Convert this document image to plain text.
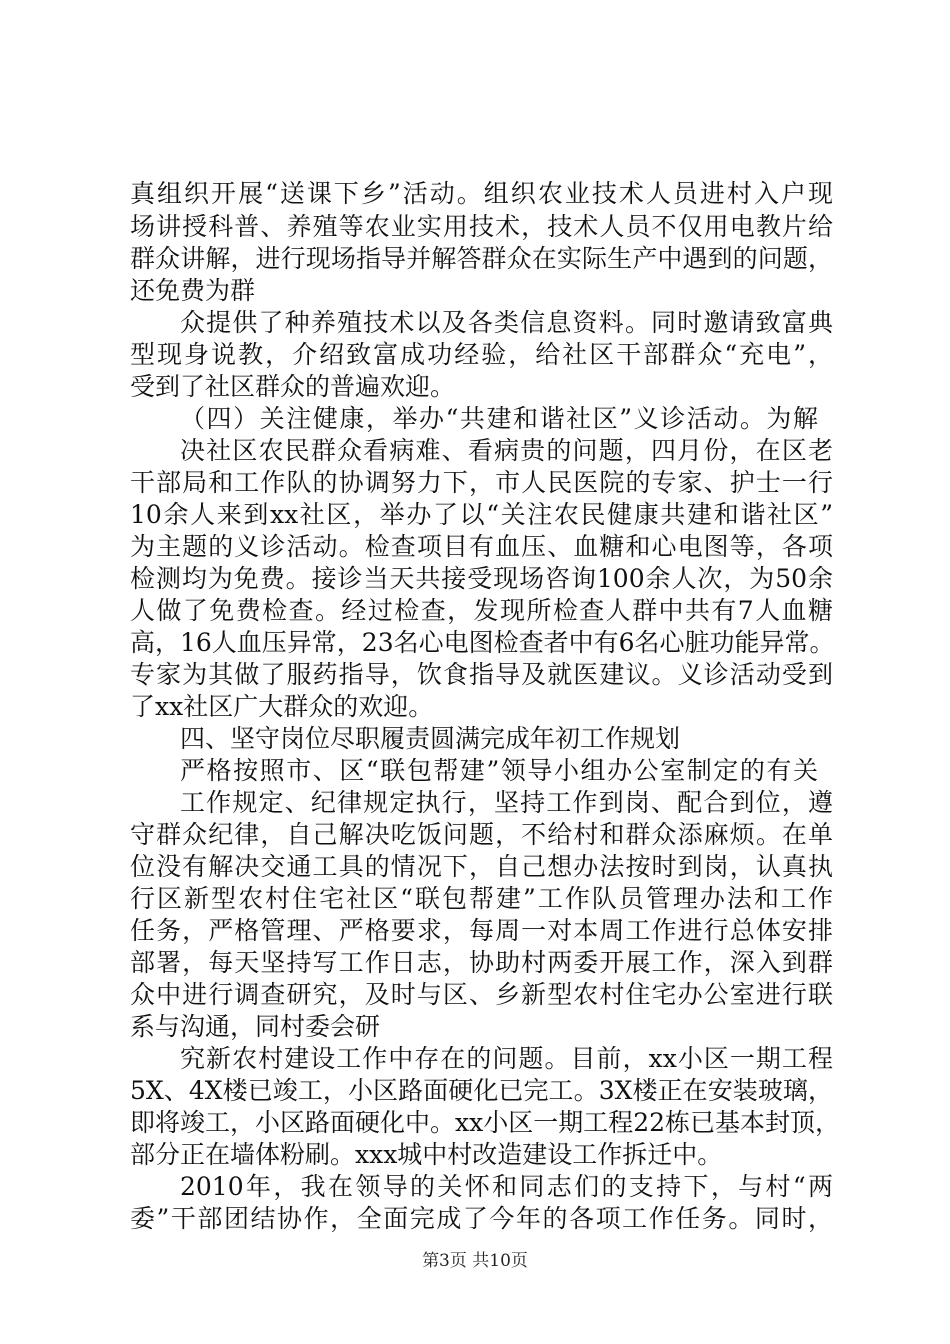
真组织开展“送课下乡”活动。组织农业技术人员进村入户现
场讲授科普、养殖等农业实用技术，技术人员不仅用电教片给
群众讲解，进行现场指导并解答群众在实际生产中遇到的问题，
还免费为群
众提供了种养殖技术以及各类信息资料。同时邀请致富典
型现身说教，介绍致富成功经验，给社区干部群众“充电”，
受到了社区群众的普遍欢迎。
（四）关注健康，举办“共建和谐社区”义诊活动。为解
决社区农民群众看病难、看病贵的问题，四月份，在区老
干部局和工作队的协调努力下，市人民医院的专家、护士一行
10余人来到xx社区，举办了以“关注农民健康共建和谐社区”
为主题的义诊活动。检查项目有血压、血糖和心电图等，各项
检测均为免费。接诊当天共接受现场咨询100余人次，为50余
人做了免费检查。经过检查，发现所检查人群中共有7人血糖
高，16人血压异常，23名心电图检查者中有6名心脏功能异常。
专家为其做了服药指导，饮食指导及就医建议。义诊活动受到
了xx社区广大群众的欢迎。
四、坚守岗位尽职履责圆满完成年初工作规划
严格按照市、区“联包帮建”领导小组办公室制定的有关
工作规定、纪律规定执行，坚持工作到岗、配合到位，遵
守群众纪律，自己解决吃饭问题，不给村和群众添麻烦。在单
位没有解决交通工具的情况下，自己想办法按时到岗，认真执
行区新型农村住宅社区“联包帮建”工作队员管理办法和工作
任务，严格管理、严格要求，每周一对本周工作进行总体安排
部署，每天坚持写工作日志，协助村两委开展工作，深入到群
众中进行调查研究，及时与区、乡新型农村住宅办公室进行联
系与沟通，同村委会研
究新农村建设工作中存在的问题。目前，xx小区一期工程
5X、4X楼已竣工，小区路面硬化已完工。3X楼正在安装玻璃，
即将竣工，小区路面硬化中。xx小区一期工程22栋已基本封顶，
部分正在墙体粉刷。xxx城中村改造建设工作拆迁中。
2010年，我在领导的关怀和同志们的支持下，与村“两
委”干部团结协作，全面完成了今年的各项工作任务。同时，
第3页 共10页
